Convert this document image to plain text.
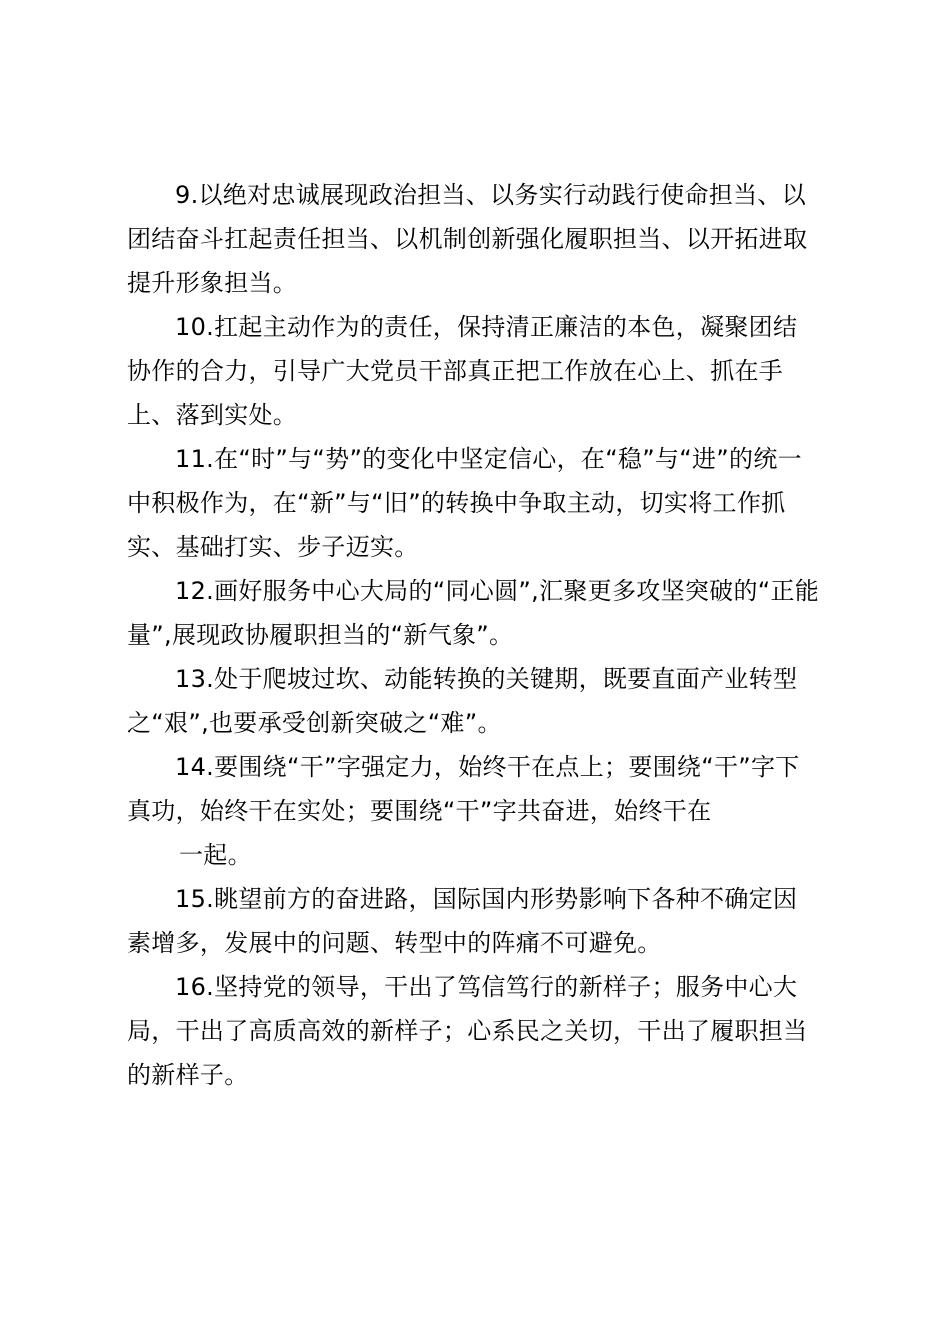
9.以绝对忠诚展现政治担当、以务实行动践行使命担当、以
团结奋斗扛起责任担当、以机制创新强化履职担当、以开拓进取
提升形象担当。
10.扛起主动作为的责任，保持清正廉洁的本色，凝聚团结
协作的合力，引导广大党员干部真正把工作放在心上、抓在手
上、落到实处。
11.在“时”与“势”的变化中坚定信心，在“稳”与“进”的统一
中积极作为，在“新”与“旧”的转换中争取主动，切实将工作抓
实、基础打实、步子迈实。
12.画好服务中心大局的“同心圆”,汇聚更多攻坚突破的“正能
量”,展现政协履职担当的“新气象”。
13.处于爬坡过坎、动能转换的关键期，既要直面产业转型
之“艰”,也要承受创新突破之“难”。
14.要围绕“干”字强定力，始终干在点上；要围绕“干”字下
真功，始终干在实处；要围绕“干”字共奋进，始终干在
一起。
15.眺望前方的奋进路，国际国内形势影响下各种不确定因
素增多，发展中的问题、转型中的阵痛不可避免。
16.坚持党的领导，干出了笃信笃行的新样子；服务中心大
局，干出了高质高效的新样子；心系民之关切，干出了履职担当
的新样子。
